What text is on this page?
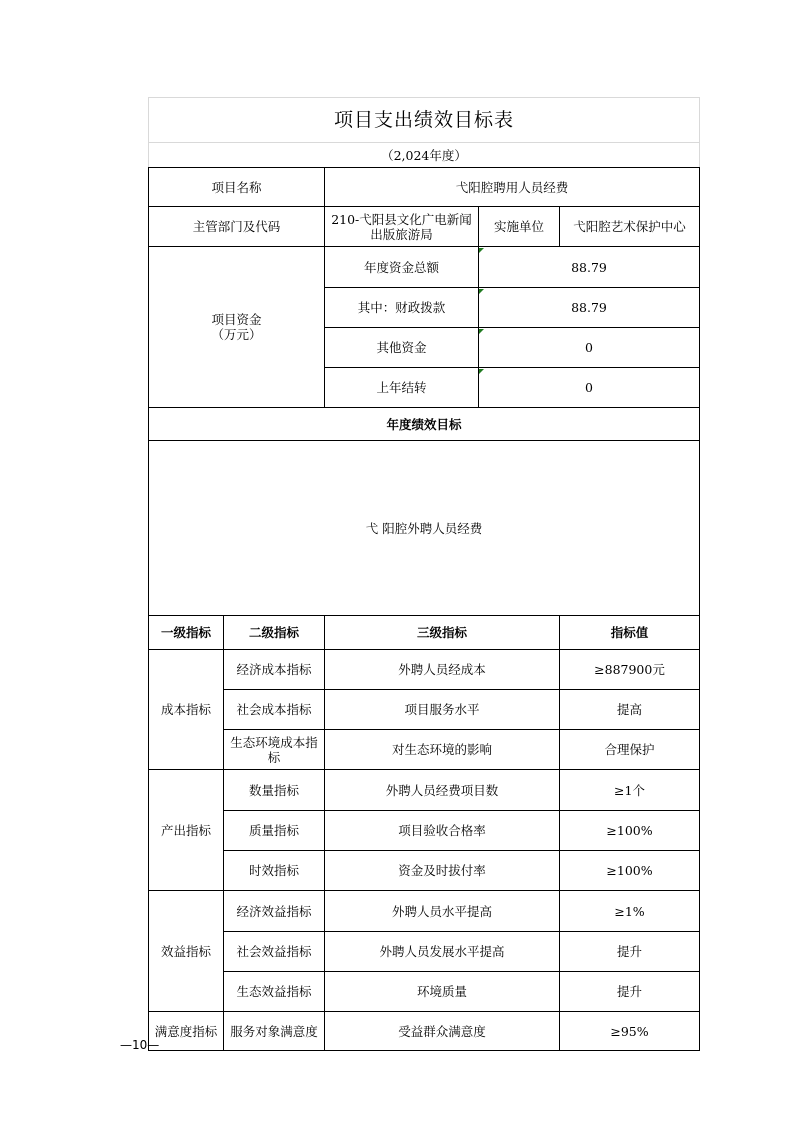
项目支出绩效目标表
（2,024年度）
项目名称	弋阳腔聘用人员经费
主管部门及代码	210-弋阳县文化广电新闻出版旅游局	实施单位	弋阳腔艺术保护中心
项目资金
（万元）
年度资金总额	88.79
其中：财政拨款	88.79
其他资金	0
上年结转	0
年度绩效目标
弋 阳腔外聘人员经费
一级指标	二级指标	三级指标	指标值
成本指标
经济成本指标	外聘人员经成本	≥887900元
社会成本指标	项目服务水平	提高
生态环境成本指标	对生态环境的影响	合理保护
产出指标
数量指标	外聘人员经费项目数	≥1个
质量指标	项目验收合格率	≥100%
时效指标	资金及时拔付率	≥100%
效益指标
经济效益指标	外聘人员水平提高	≥1%
社会效益指标	外聘人员发展水平提高	提升
生态效益指标	环境质量	提升
满意度指标	服务对象满意度	受益群众满意度	≥95%
—10—
